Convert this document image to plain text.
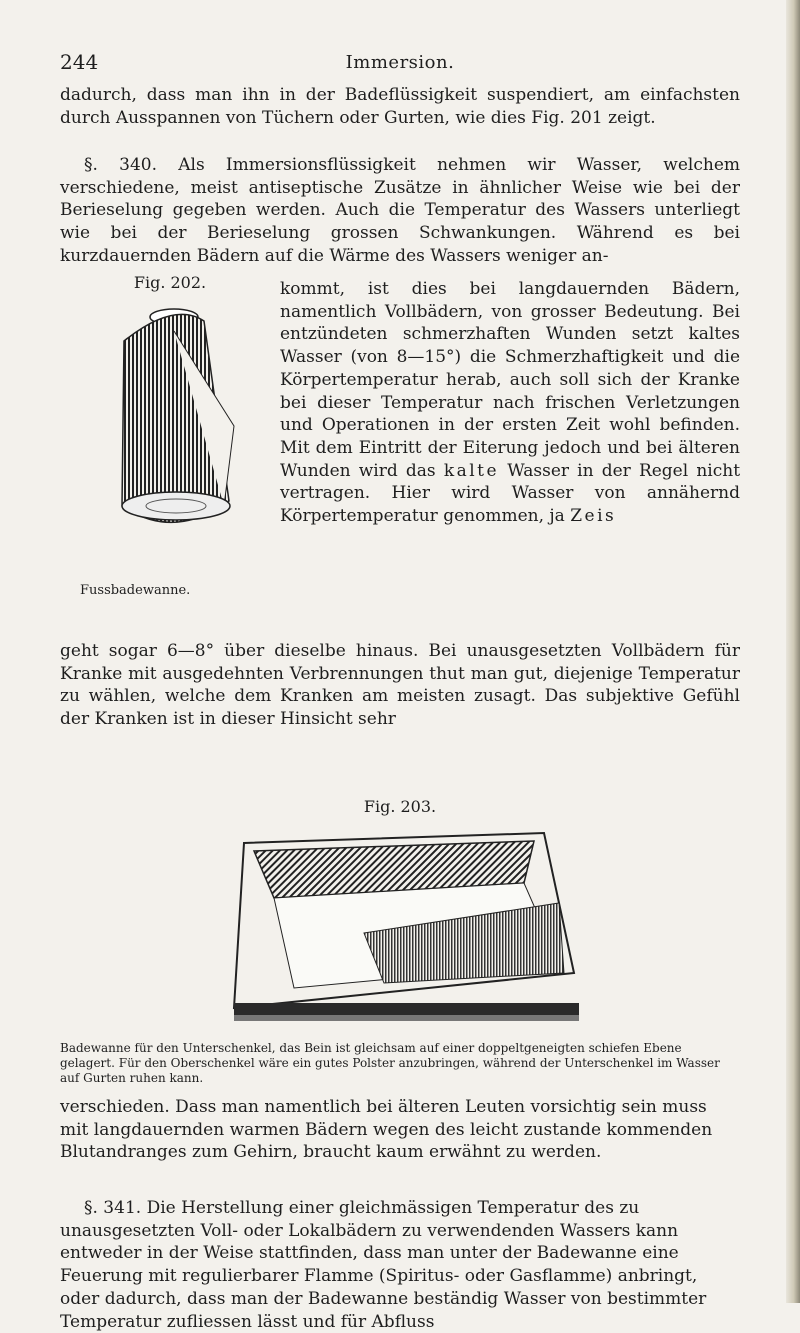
244	Immersion.
dadurch, dass man ihn in der Badeflüssigkeit suspendiert, am einfachsten durch Ausspannen von Tüchern oder Gurten, wie dies Fig. 201 zeigt.
§. 340. Als Immersionsflüssigkeit nehmen wir Wasser, welchem verschiedene, meist antiseptische Zusätze in ähnlicher Weise wie bei der Berieselung gegeben werden. Auch die Temperatur des Wassers unterliegt wie bei der Berieselung grossen Schwankungen. Während es bei kurzdauernden Bädern auf die Wärme des Wassers weniger an-
Fig. 202.
Fussbadewanne.

kommt, ist dies bei langdauernden Bädern, namentlich Vollbädern, von grosser Bedeutung. Bei entzündeten schmerzhaften Wunden setzt kaltes Wasser (von 8—15°) die Schmerzhaftigkeit und die Körpertemperatur herab, auch soll sich der Kranke bei dieser Temperatur nach frischen Verletzungen und Operationen in der ersten Zeit wohl befinden. Mit dem Eintritt der Eiterung jedoch und bei älteren Wunden wird das kalte Wasser in der Regel nicht vertragen. Hier wird Wasser von annähernd Körpertemperatur genommen, ja Zeis

geht sogar 6—8° über dieselbe hinaus. Bei unausgesetzten Vollbädern für Kranke mit ausgedehnten Verbrennungen thut man gut, diejenige Temperatur zu wählen, welche dem Kranken am meisten zusagt. Das subjektive Gefühl der Kranken ist in dieser Hinsicht sehr

Fig. 203.
Badewanne für den Unterschenkel, das Bein ist gleichsam auf einer doppeltgeneigten schiefen Ebene gelagert. Für den Oberschenkel wäre ein gutes Polster anzubringen, während der Unterschenkel im Wasser auf Gurten ruhen kann.
verschieden. Dass man namentlich bei älteren Leuten vorsichtig sein muss mit langdauernden warmen Bädern wegen des leicht zustande kommenden Blutandranges zum Gehirn, braucht kaum erwähnt zu werden.
§. 341. Die Herstellung einer gleichmässigen Temperatur des zu unausgesetzten Voll- oder Lokalbädern zu verwendenden Wassers kann entweder in der Weise stattfinden, dass man unter der Badewanne eine Feuerung mit regulierbarer Flamme (Spiritus- oder Gasflamme) anbringt, oder dadurch, dass man der Badewanne beständig Wasser von bestimmter Temperatur zufliessen lässt und für Abfluss
